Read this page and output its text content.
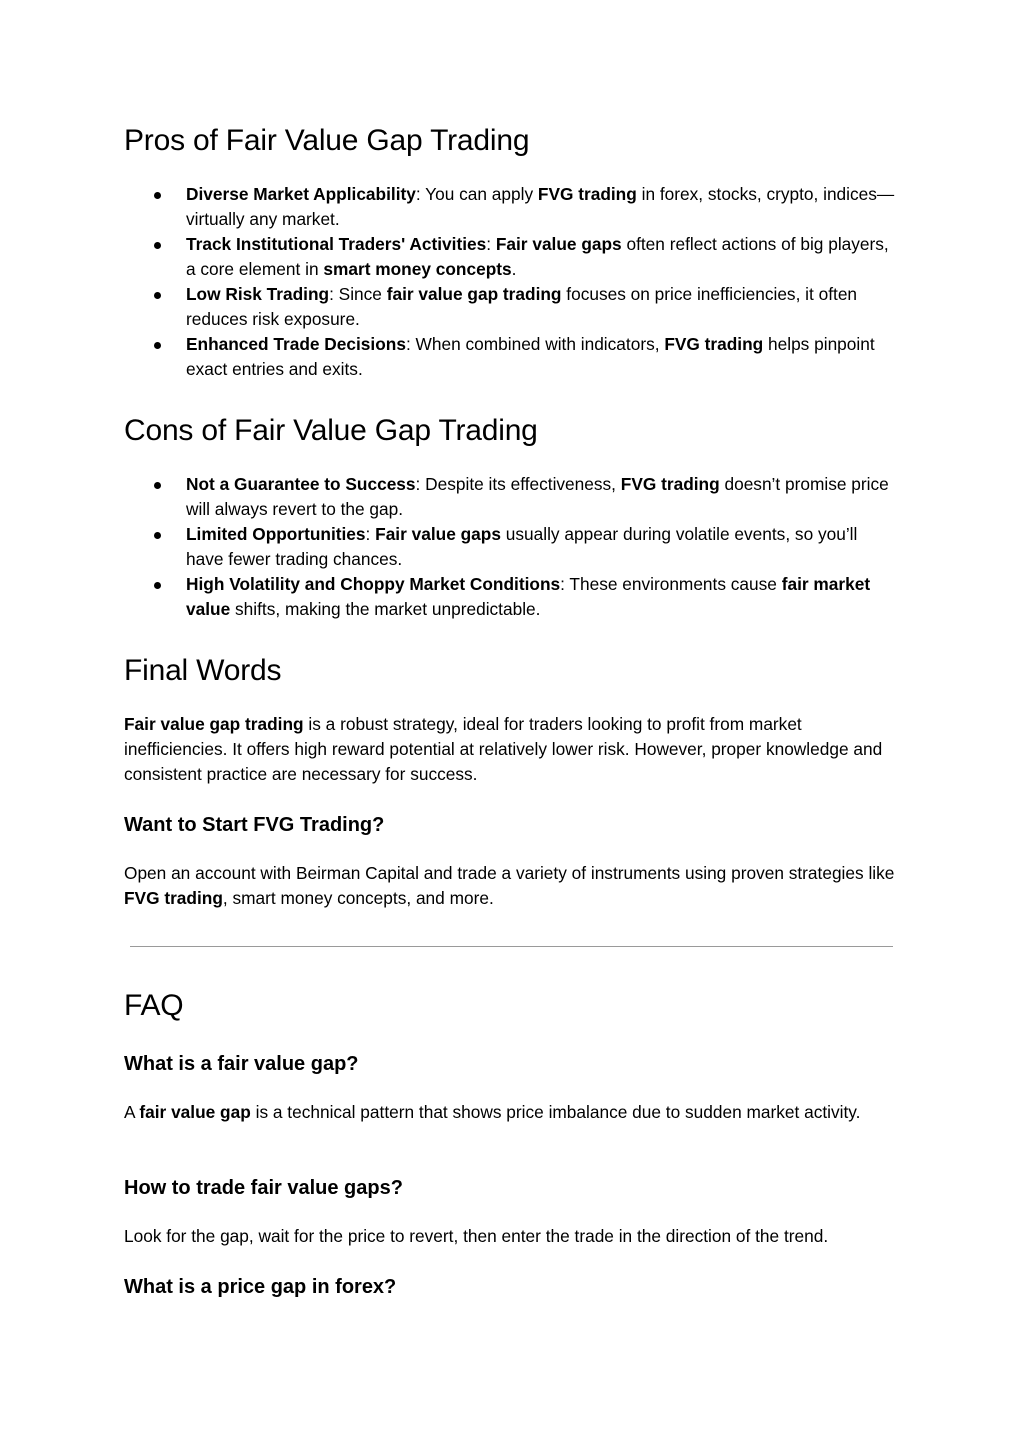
Pros of Fair Value Gap Trading
Diverse Market Applicability: You can apply FVG trading in forex, stocks, crypto, indices—virtually any market.
Track Institutional Traders' Activities: Fair value gaps often reflect actions of big players, a core element in smart money concepts.
Low Risk Trading: Since fair value gap trading focuses on price inefficiencies, it often reduces risk exposure.
Enhanced Trade Decisions: When combined with indicators, FVG trading helps pinpoint exact entries and exits.
Cons of Fair Value Gap Trading
Not a Guarantee to Success: Despite its effectiveness, FVG trading doesn’t promise price will always revert to the gap.
Limited Opportunities: Fair value gaps usually appear during volatile events, so you’ll have fewer trading chances.
High Volatility and Choppy Market Conditions: These environments cause fair market value shifts, making the market unpredictable.
Final Words

Fair value gap trading is a robust strategy, ideal for traders looking to profit from market inefficiencies. It offers high reward potential at relatively lower risk. However, proper knowledge and consistent practice are necessary for success.

Want to Start FVG Trading?

Open an account with Beirman Capital and trade a variety of instruments using proven strategies like FVG trading, smart money concepts, and more.

FAQ
What is a fair value gap?

A fair value gap is a technical pattern that shows price imbalance due to sudden market activity.

How to trade fair value gaps?

Look for the gap, wait for the price to revert, then enter the trade in the direction of the trend.

What is a price gap in forex?
